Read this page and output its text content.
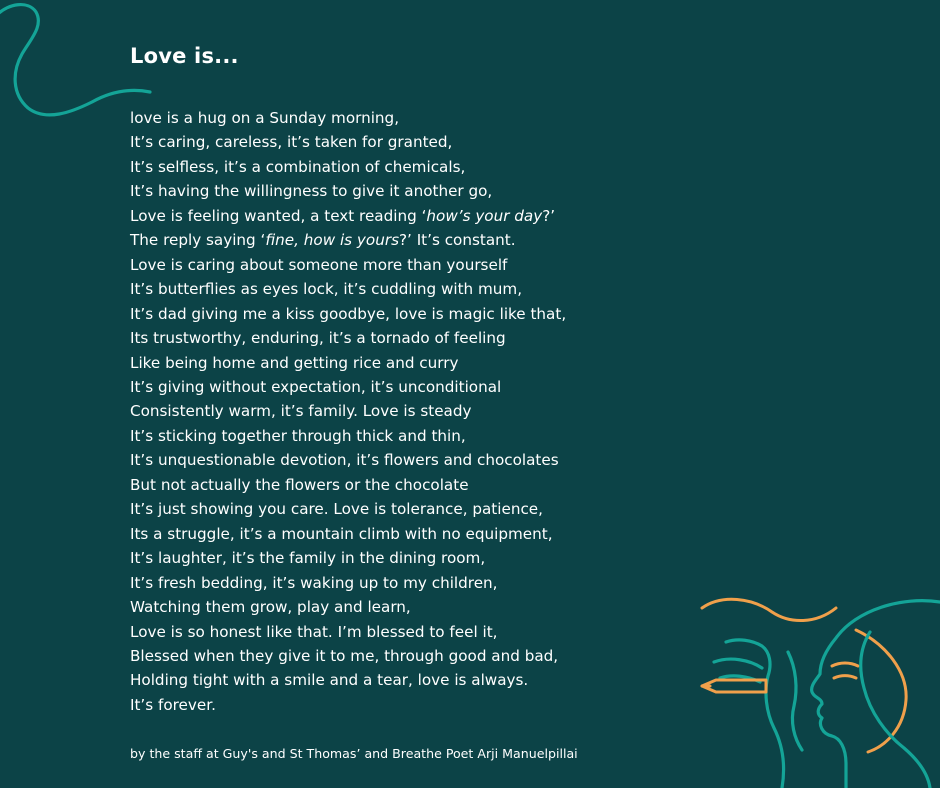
Love is...
love is a hug on a Sunday morning,
It’s caring, careless, it’s taken for granted,
It’s selfless, it’s a combination of chemicals,
It’s having the willingness to give it another go,
Love is feeling wanted, a text reading ‘how’s your day?’
The reply saying ‘fine, how is yours?’ It’s constant.
Love is caring about someone more than yourself
It’s butterflies as eyes lock, it’s cuddling with mum,
It’s dad giving me a kiss goodbye, love is magic like that,
Its trustworthy, enduring, it’s a tornado of feeling
Like being home and getting rice and curry
It’s giving without expectation, it’s unconditional
Consistently warm, it’s family. Love is steady
It’s sticking together through thick and thin,
It’s unquestionable devotion, it’s flowers and chocolates
But not actually the flowers or the chocolate
It’s just showing you care. Love is tolerance, patience,
Its a struggle, it’s a mountain climb with no equipment,
It’s laughter, it’s the family in the dining room,
It’s fresh bedding, it’s waking up to my children,
Watching them grow, play and learn,
Love is so honest like that. I’m blessed to feel it,
Blessed when they give it to me, through good and bad,
Holding tight with a smile and a tear, love is always.
It’s forever.
by the staff at Guy's and St Thomas’ and Breathe Poet Arji Manuelpillai
